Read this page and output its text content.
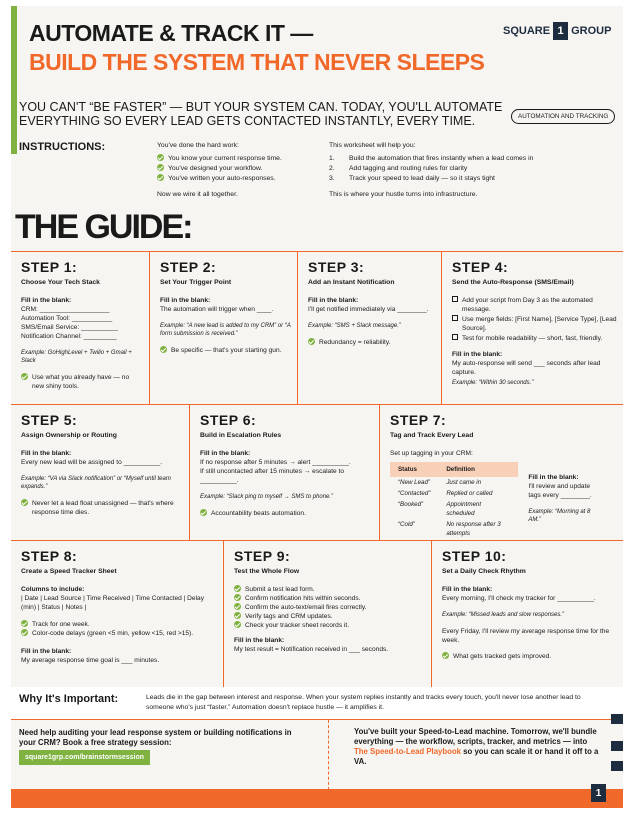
AUTOMATE & TRACK IT —
BUILD THE SYSTEM THAT NEVER SLEEPS
SQUARE 1 GROUP
YOU CAN'T “BE FASTER” — BUT YOUR SYSTEM CAN. TODAY, YOU'LL AUTOMATE EVERYTHING SO EVERY LEAD GETS CONTACTED INSTANTLY, EVERY TIME.	AUTOMATION AND TRACKING
INSTRUCTIONS:	You've done the hard work:
You know your current response time.
You've designed your workflow.
You've written your auto-responses.
Now we wire it all together.
This worksheet will help you:
1.	Build the automation that fires instantly when a lead comes in
2.	Add tagging and routing rules for clarity
3.	Track your speed to lead daily — so it stays tight
This is where your hustle turns into infrastructure.
THE GUIDE:
STEP 1:
Choose Your Tech Stack
Fill in the blank:
CRM: ___________________
Automation Tool: ___________
SMS/Email Service: __________
Notification Channel: _________
Example: GoHighLevel + Twilio + Gmail + Slack
Use what you already have — no new shiny tools.
STEP 2:
Set Your Trigger Point
Fill in the blank:
The automation will trigger when ____.
Example: “A new lead is added to my CRM” or “A form submission is received.”
Be specific — that's your starting gun.
STEP 3:
Add an Instant Notification
Fill in the blank:
I'll get notified immediately via ________.
Example: “SMS + Slack message.”
Redundancy = reliability.
STEP 4:
Send the Auto-Response (SMS/Email)
Add your script from Day 3 as the automated message.
Use merge fields: [First Name], [Service Type], [Lead Source].
Test for mobile readability — short, fast, friendly.
Fill in the blank:
My auto-response will send ___ seconds after lead capture.
Example: “Within 30 seconds.”
STEP 5:
Assign Ownership or Routing
Fill in the blank:
Every new lead will be assigned to __________.
Example: “VA via Slack notification” or “Myself until team expands.”
Never let a lead float unassigned — that's where response time dies.
STEP 6:
Build in Escalation Rules
Fill in the blank:
If no response after 5 minutes → alert __________.
If still uncontacted after 15 minutes → escalate to __________.
Example: “Slack ping to myself → SMS to phone.”
Accountability beats automation.
STEP 7:
Tag and Track Every Lead
Set up tagging in your CRM:
Status	Definition
“New Lead”	Just came in
“Contacted”	Replied or called
“Booked”	Appointment scheduled
“Cold”	No response after 3 attempts
Fill in the blank:
I'll review and update tags every ________.
Example: “Morning at 8 AM.”
STEP 8:
Create a Speed Tracker Sheet
Columns to include:
| Date | Lead Source | Time Received | Time Contacted | Delay (min) | Status | Notes |
Track for one week.
Color-code delays (green <5 min, yellow <15, red >15).
Fill in the blank:
My average response time goal is ___ minutes.
STEP 9:
Test the Whole Flow
Submit a test lead form.
Confirm notification hits within seconds.
Confirm the auto-text/email fires correctly.
Verify tags and CRM updates.
Check your tracker sheet records it.
Fill in the blank:
My test result = Notification received in ___ seconds.
STEP 10:
Set a Daily Check Rhythm
Fill in the blank:
Every morning, I'll check my tracker for __________.
Example: “Missed leads and slow responses.”
Every Friday, I'll review my average response time for the week.
What gets tracked gets improved.
Why It's Important:	Leads die in the gap between interest and response. When your system replies instantly and tracks every touch, you'll never lose another lead to someone who's just “faster.” Automation doesn't replace hustle — it amplifies it.
Need help auditing your lead response system or building notifications in your CRM? Book a free strategy session:
square1grp.com/brainstormsession
You've built your Speed-to-Lead machine. Tomorrow, we'll bundle everything — the workflow, scripts, tracker, and metrics — into The Speed-to-Lead Playbook so you can scale it or hand it off to a VA.
1
